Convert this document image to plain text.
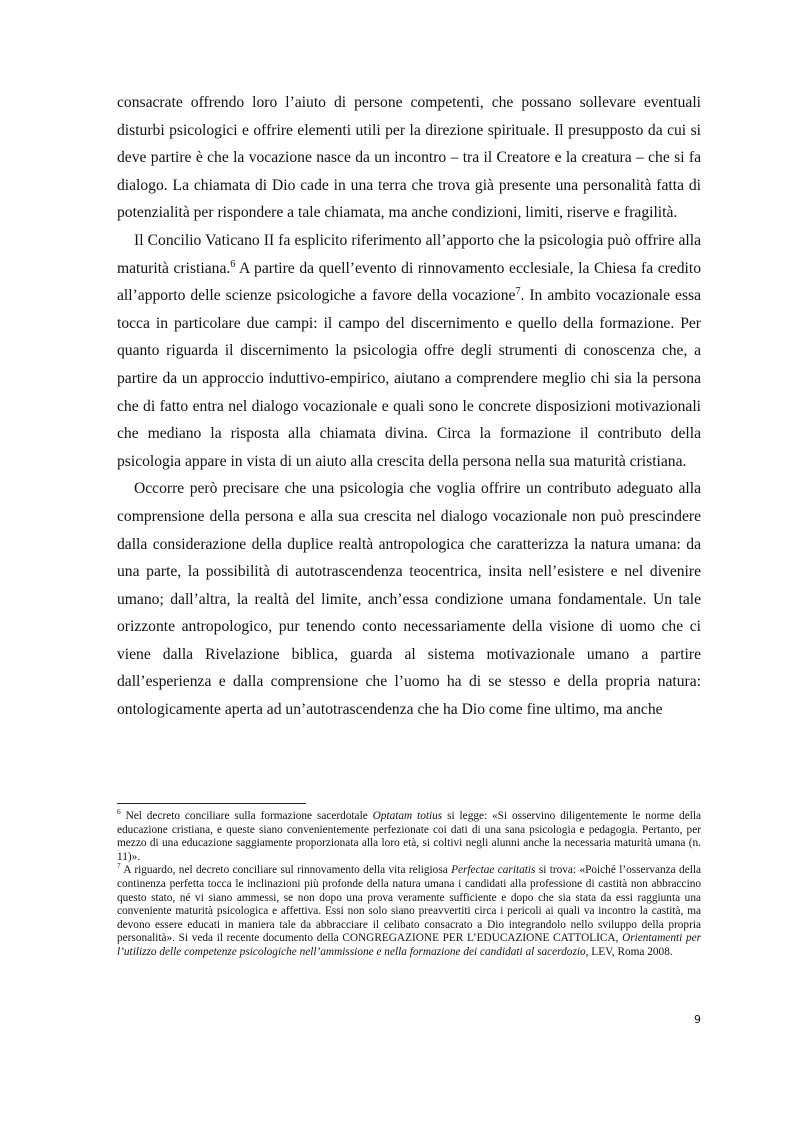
consacrate offrendo loro l’aiuto di persone competenti, che possano sollevare eventuali disturbi psicologici e offrire elementi utili per la direzione spirituale. Il presupposto da cui si deve partire è che la vocazione nasce da un incontro – tra il Creatore e la creatura – che si fa dialogo. La chiamata di Dio cade in una terra che trova già presente una personalità fatta di potenzialità per rispondere a tale chiamata, ma anche condizioni, limiti, riserve e fragilità.

Il Concilio Vaticano II fa esplicito riferimento all’apporto che la psicologia può offrire alla maturità cristiana.$^6$ A partire da quell’evento di rinnovamento ecclesiale, la Chiesa fa credito all’apporto delle scienze psicologiche a favore della vocazione$^7$. In ambito vocazionale essa tocca in particolare due campi: il campo del discernimento e quello della formazione. Per quanto riguarda il discernimento la psicologia offre degli strumenti di conoscenza che, a partire da un approccio induttivo-empirico, aiutano a comprendere meglio chi sia la persona che di fatto entra nel dialogo vocazionale e quali sono le concrete disposizioni motivazionali che mediano la risposta alla chiamata divina. Circa la formazione il contributo della psicologia appare in vista di un aiuto alla crescita della persona nella sua maturità cristiana.

Occorre però precisare che una psicologia che voglia offrire un contributo adeguato alla comprensione della persona e alla sua crescita nel dialogo vocazionale non può prescindere dalla considerazione della duplice realtà antropologica che caratterizza la natura umana: da una parte, la possibilità di autotrascendenza teocentrica, insita nell’esistere e nel divenire umano; dall’altra, la realtà del limite, anch’essa condizione umana fondamentale. Un tale orizzonte antropologico, pur tenendo conto necessariamente della visione di uomo che ci viene dalla Rivelazione biblica, guarda al sistema motivazionale umano a partire dall’esperienza e dalla comprensione che l’uomo ha di se stesso e della propria natura: ontologicamente aperta ad un’autotrascendenza che ha Dio come fine ultimo, ma anche

$^6$ Nel decreto conciliare sulla formazione sacerdotale Optatam totius si legge: «Si osservino diligentemente le norme della educazione cristiana, e queste siano convenientemente perfezionate coi dati di una sana psicologia e pedagogia. Pertanto, per mezzo di una educazione saggiamente proporzionata alla loro età, si coltivi negli alunni anche la necessaria maturità umana (n. 11)».

$^7$ A riguardo, nel decreto conciliare sul rinnovamento della vita religiosa Perfectae caritatis si trova: «Poiché l’osservanza della continenza perfetta tocca le inclinazioni più profonde della natura umana i candidati alla professione di castità non abbraccino questo stato, né vi siano ammessi, se non dopo una prova veramente sufficiente e dopo che sia stata da essi raggiunta una conveniente maturità psicologica e affettiva. Essi non solo siano preavvertiti circa i pericoli ai quali va incontro la castità, ma devono essere educati in maniera tale da abbracciare il celibato consacrato a Dio integrandolo nello sviluppo della propria personalità». Si veda il recente documento della CONGREGAZIONE PER L’EDUCAZIONE CATTOLICA, Orientamenti per l’utilizzo delle competenze psicologiche nell’ammissione e nella formazione dei candidati al sacerdozio, LEV, Roma 2008.

9
